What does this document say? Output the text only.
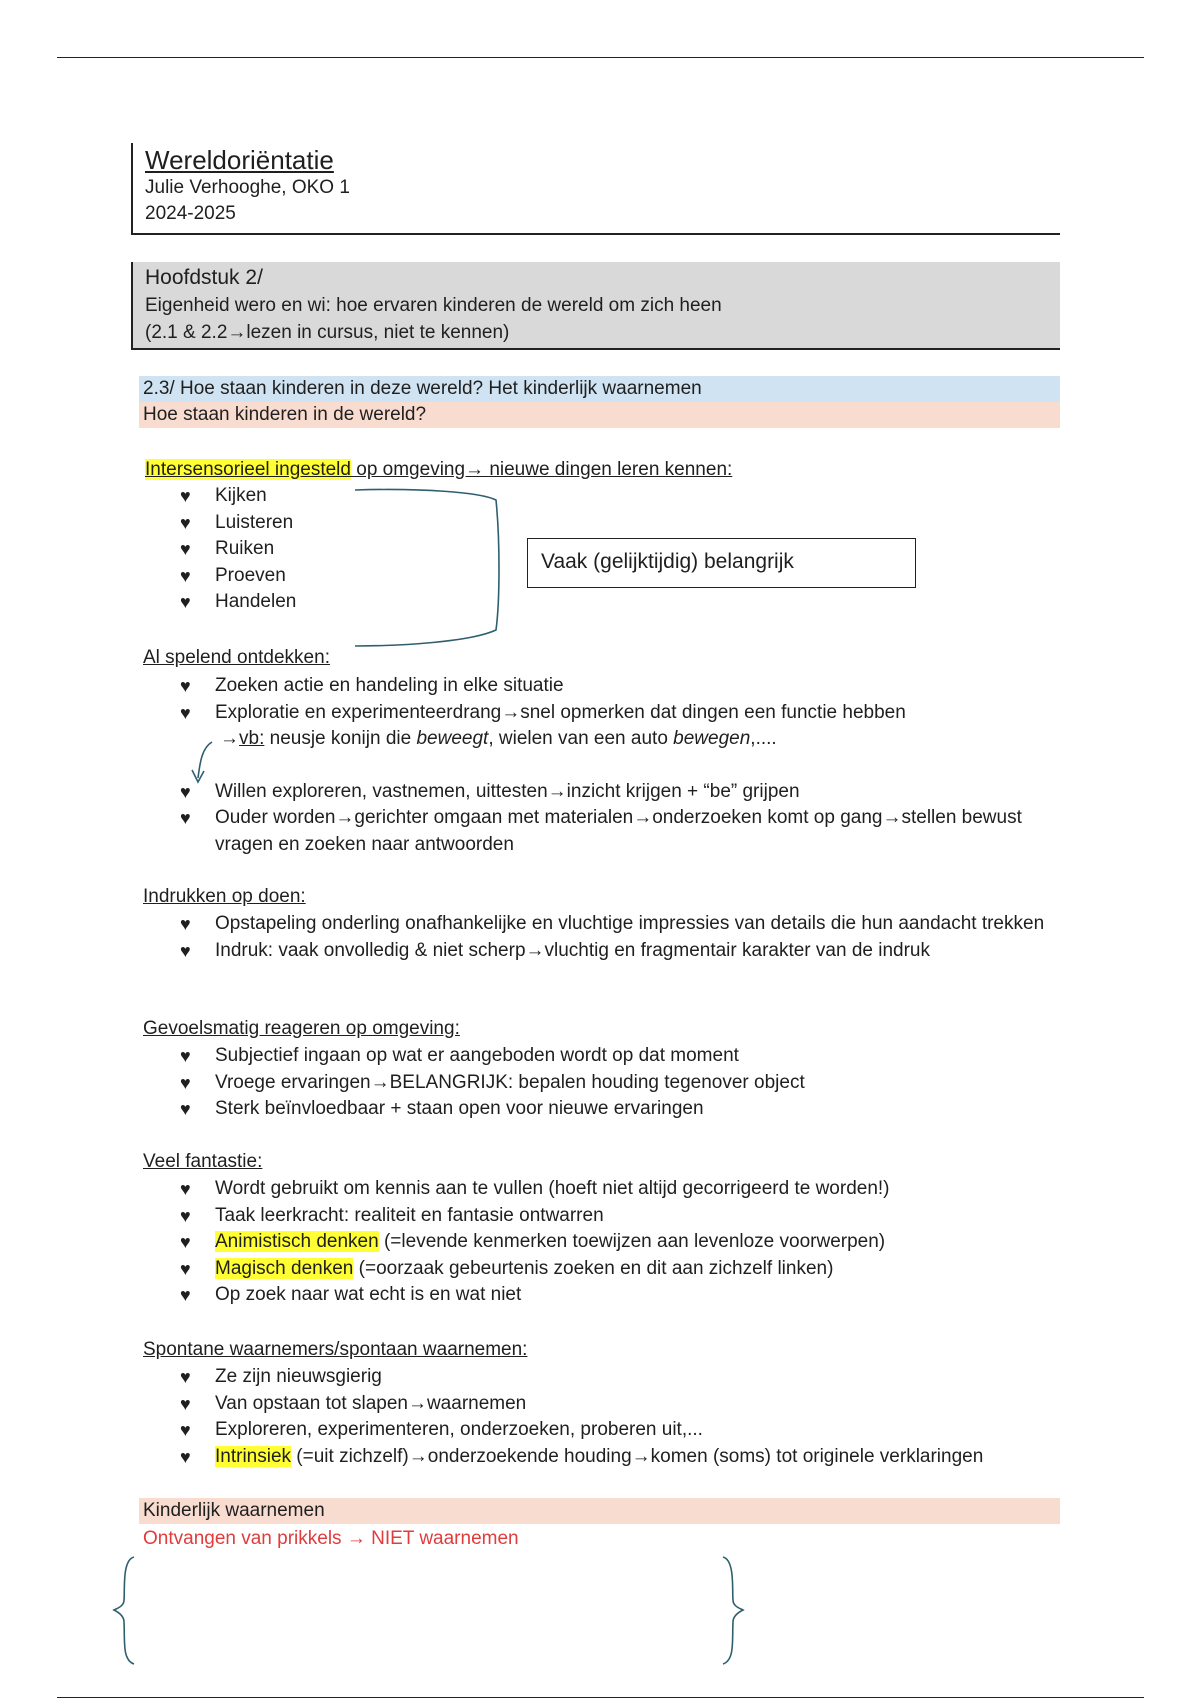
Wereldoriëntatie
Julie Verhooghe, OKO 1
2024-2025
Hoofdstuk 2/
Eigenheid wero en wi: hoe ervaren kinderen de wereld om zich heen
(2.1 & 2.2→lezen in cursus, niet te kennen)
2.3/ Hoe staan kinderen in deze wereld? Het kinderlijk waarnemen
Hoe staan kinderen in de wereld?
Intersensorieel ingesteld op omgeving→ nieuwe dingen leren kennen:
♥ Kijken
♥ Luisteren
♥ Ruiken
♥ Proeven
♥ Handelen
Vaak (gelijktijdig) belangrijk
Al spelend ontdekken:
♥ Zoeken actie en handeling in elke situatie
♥ Exploratie en experimenteerdrang→snel opmerken dat dingen een functie hebben
→vb: neusje konijn die beweegt, wielen van een auto bewegen,....
♥ Willen exploreren, vastnemen, uittesten→inzicht krijgen + “be” grijpen
♥ Ouder worden→gerichter omgaan met materialen→onderzoeken komt op gang→stellen bewust vragen en zoeken naar antwoorden
Indrukken op doen:
♥ Opstapeling onderling onafhankelijke en vluchtige impressies van details die hun aandacht trekken
♥ Indruk: vaak onvolledig & niet scherp→vluchtig en fragmentair karakter van de indruk
Gevoelsmatig reageren op omgeving:
♥ Subjectief ingaan op wat er aangeboden wordt op dat moment
♥ Vroege ervaringen→BELANGRIJK: bepalen houding tegenover object
♥ Sterk beïnvloedbaar + staan open voor nieuwe ervaringen
Veel fantastie:
♥ Wordt gebruikt om kennis aan te vullen (hoeft niet altijd gecorrigeerd te worden!)
♥ Taak leerkracht: realiteit en fantasie ontwarren
♥ Animistisch denken (=levende kenmerken toewijzen aan levenloze voorwerpen)
♥ Magisch denken (=oorzaak gebeurtenis zoeken en dit aan zichzelf linken)
♥ Op zoek naar wat echt is en wat niet
Spontane waarnemers/spontaan waarnemen:
♥ Ze zijn nieuwsgierig
♥ Van opstaan tot slapen→waarnemen
♥ Exploreren, experimenteren, onderzoeken, proberen uit,...
♥ Intrinsiek (=uit zichzelf)→onderzoekende houding→komen (soms) tot originele verklaringen
Kinderlijk waarnemen
Ontvangen van prikkels → NIET waarnemen
